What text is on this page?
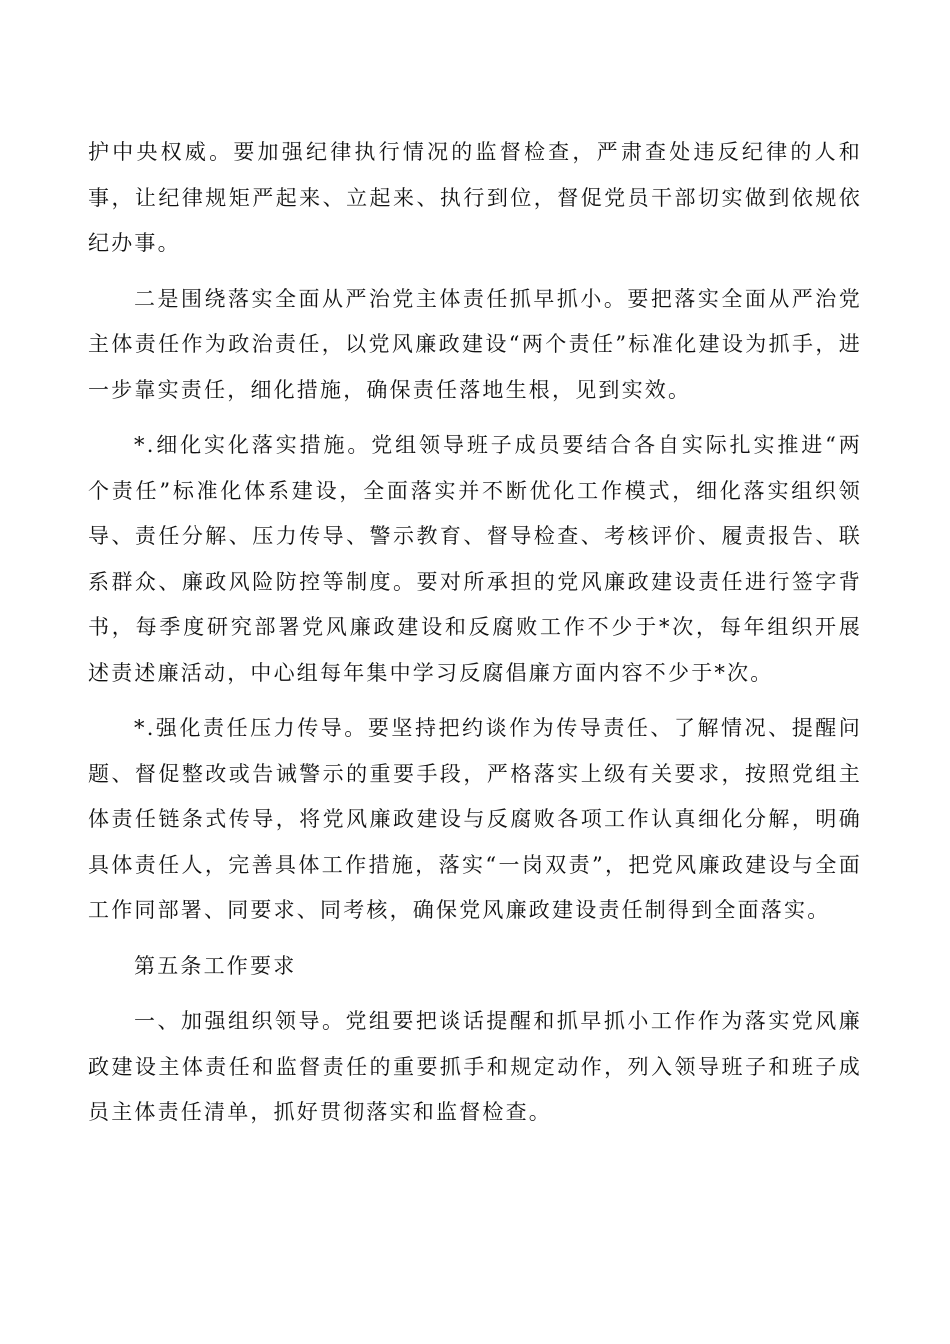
护中央权威。要加强纪律执行情况的监督检查，严肃查处违反纪律的人和事，让纪律规矩严起来、立起来、执行到位，督促党员干部切实做到依规依纪办事。

二是围绕落实全面从严治党主体责任抓早抓小。要把落实全面从严治党主体责任作为政治责任，以党风廉政建设“两个责任”标准化建设为抓手，进一步靠实责任，细化措施，确保责任落地生根，见到实效。

*.细化实化落实措施。党组领导班子成员要结合各自实际扎实推进“两个责任”标准化体系建设，全面落实并不断优化工作模式，细化落实组织领导、责任分解、压力传导、警示教育、督导检查、考核评价、履责报告、联系群众、廉政风险防控等制度。要对所承担的党风廉政建设责任进行签字背书，每季度研究部署党风廉政建设和反腐败工作不少于*次，每年组织开展述责述廉活动，中心组每年集中学习反腐倡廉方面内容不少于*次。

*.强化责任压力传导。要坚持把约谈作为传导责任、了解情况、提醒问题、督促整改或告诫警示的重要手段，严格落实上级有关要求，按照党组主体责任链条式传导，将党风廉政建设与反腐败各项工作认真细化分解，明确具体责任人，完善具体工作措施，落实“一岗双责”，把党风廉政建设与全面工作同部署、同要求、同考核，确保党风廉政建设责任制得到全面落实。

第五条工作要求

一、加强组织领导。党组要把谈话提醒和抓早抓小工作作为落实党风廉政建设主体责任和监督责任的重要抓手和规定动作，列入领导班子和班子成员主体责任清单，抓好贯彻落实和监督检查。
